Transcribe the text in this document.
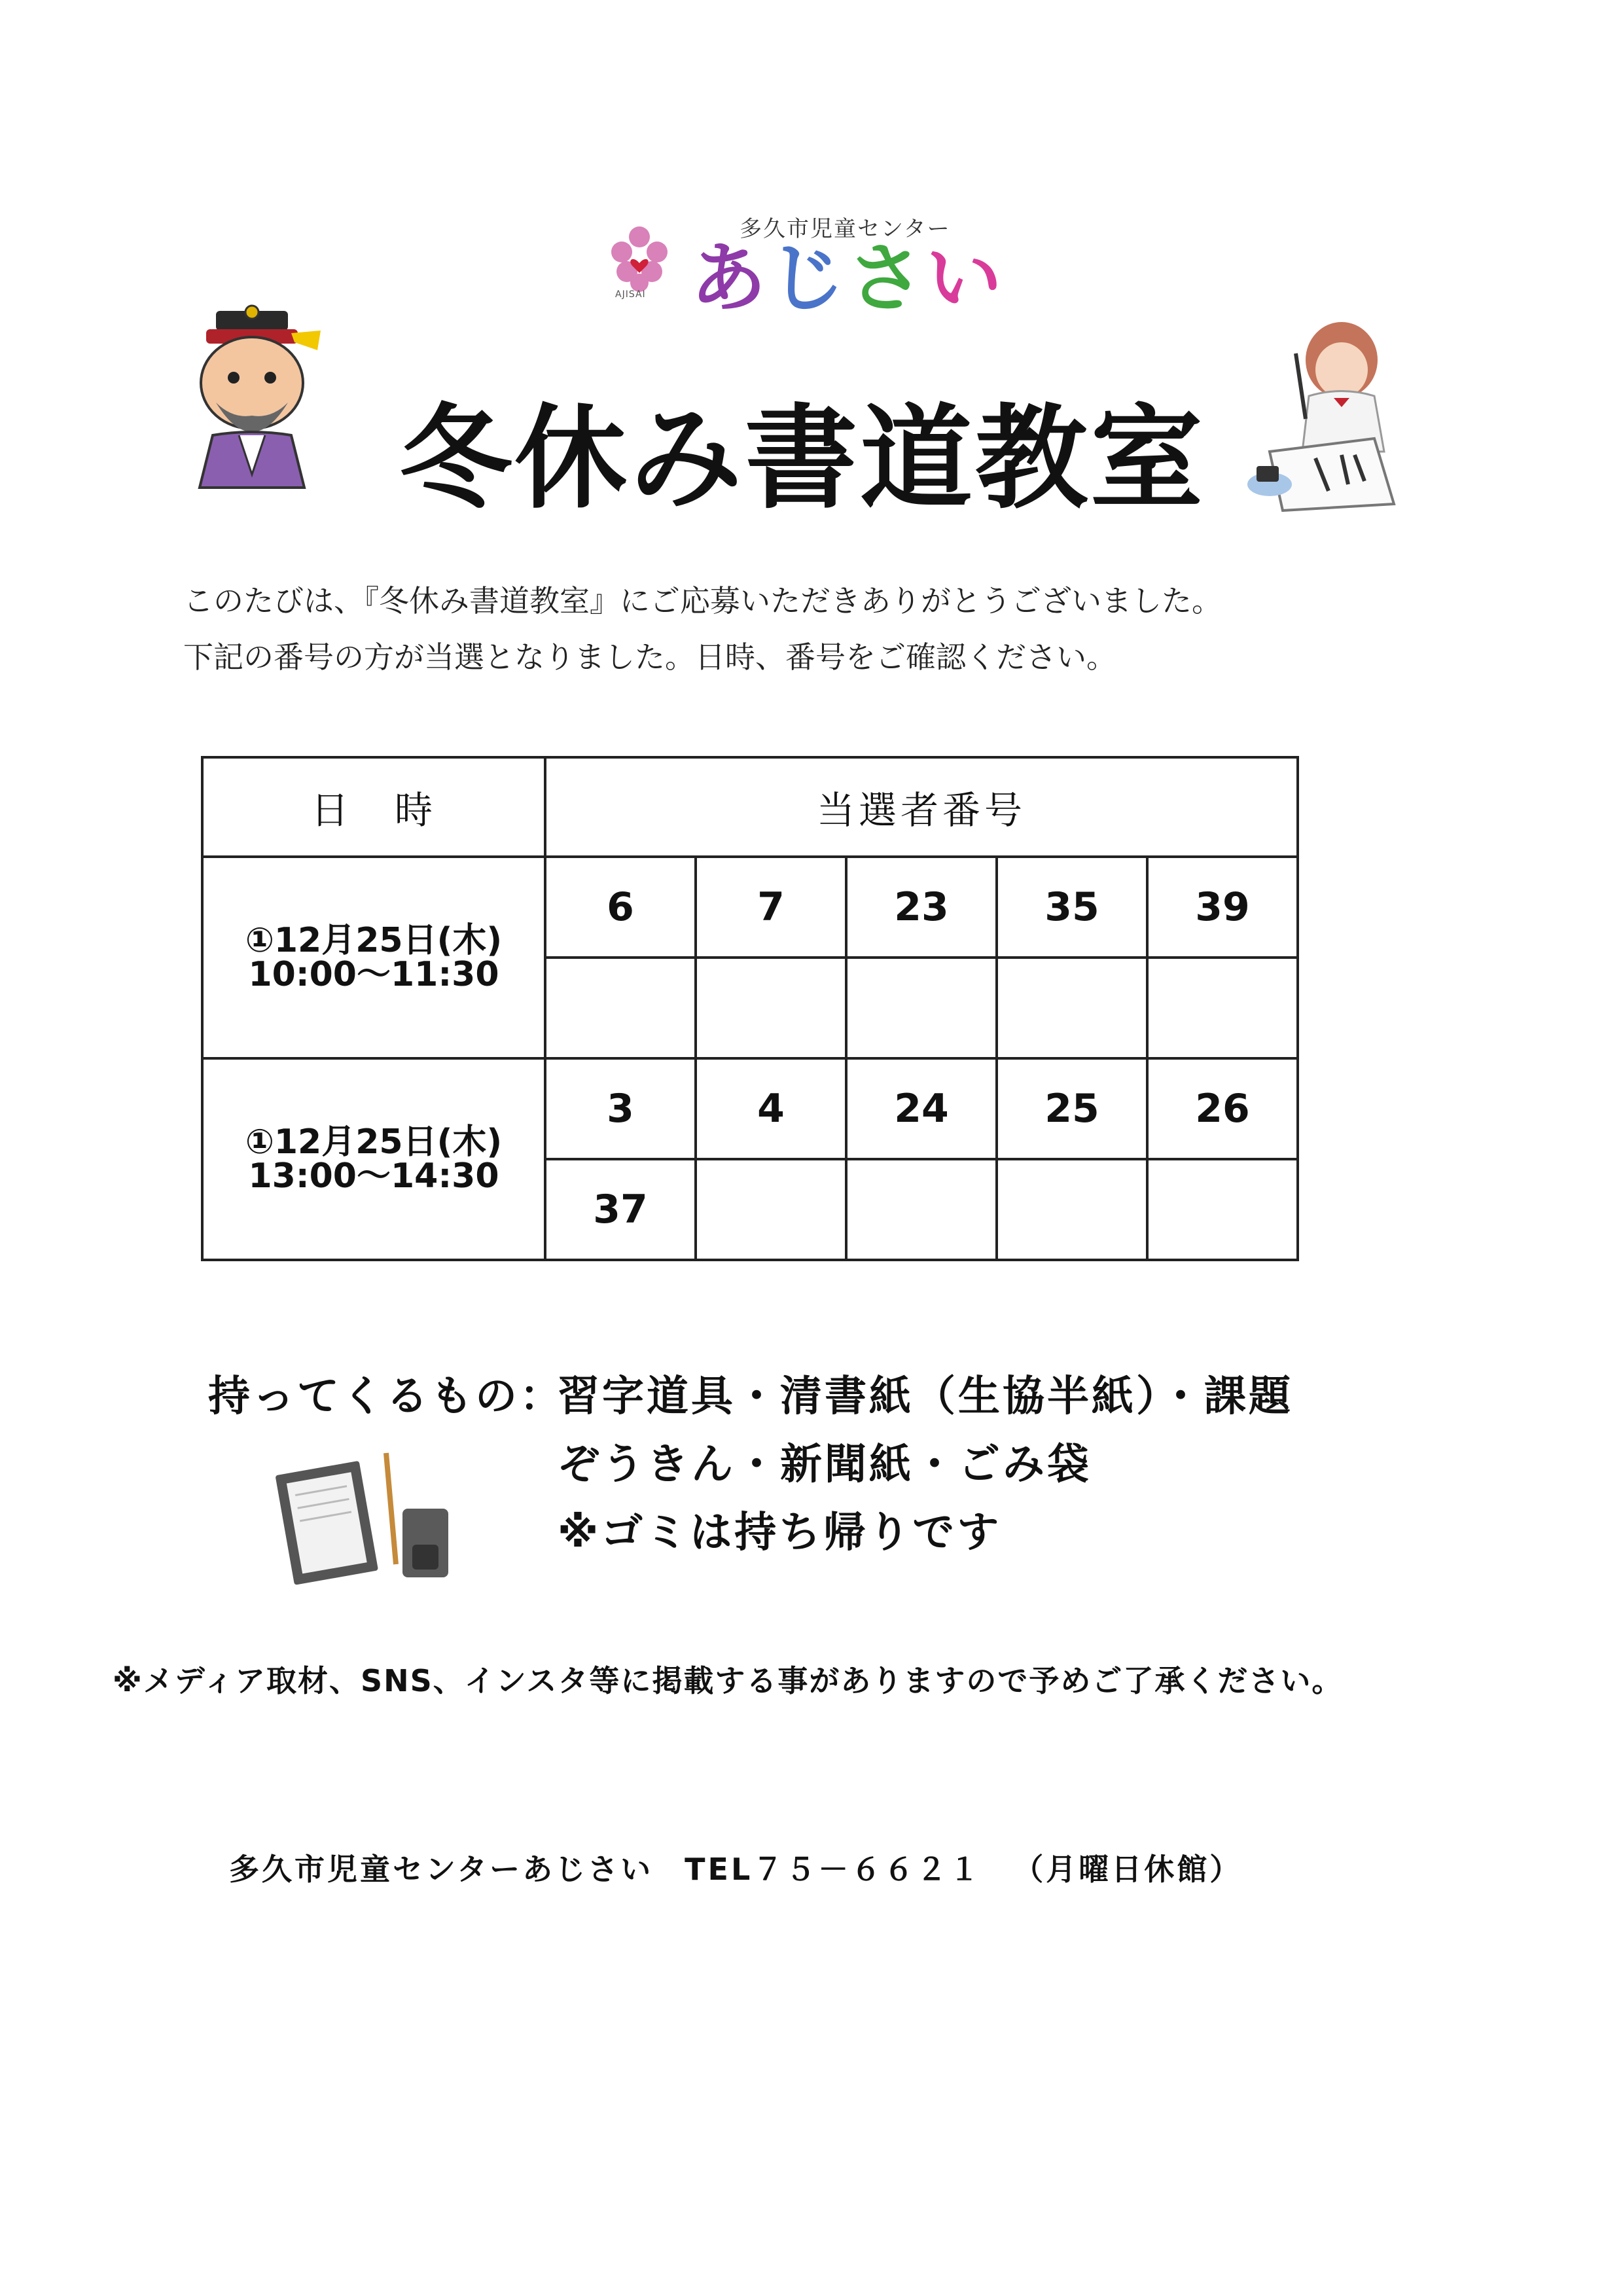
多久市児童センター
あじさい
AJISAI
冬休み書道教室
このたびは、『冬休み書道教室』にご応募いただきありがとうございました。
下記の番号の方が当選となりました。日時、番号をご確認ください。
日　時	当選者番号				

①12月25日(木)
10:00～11:30	6	7	23	35	39

①12月25日(木)
13:00～14:30	3	4	24	25	26
	37				
持ってくるもの：
習字道具・清書紙（生協半紙）・課題
ぞうきん・新聞紙・ごみ袋
※ゴミは持ち帰りです
※メディア取材、SNS、インスタ等に掲載する事がありますので予めご了承ください。
多久市児童センターあじさい TEL７５－６６２１ （月曜日休館）
